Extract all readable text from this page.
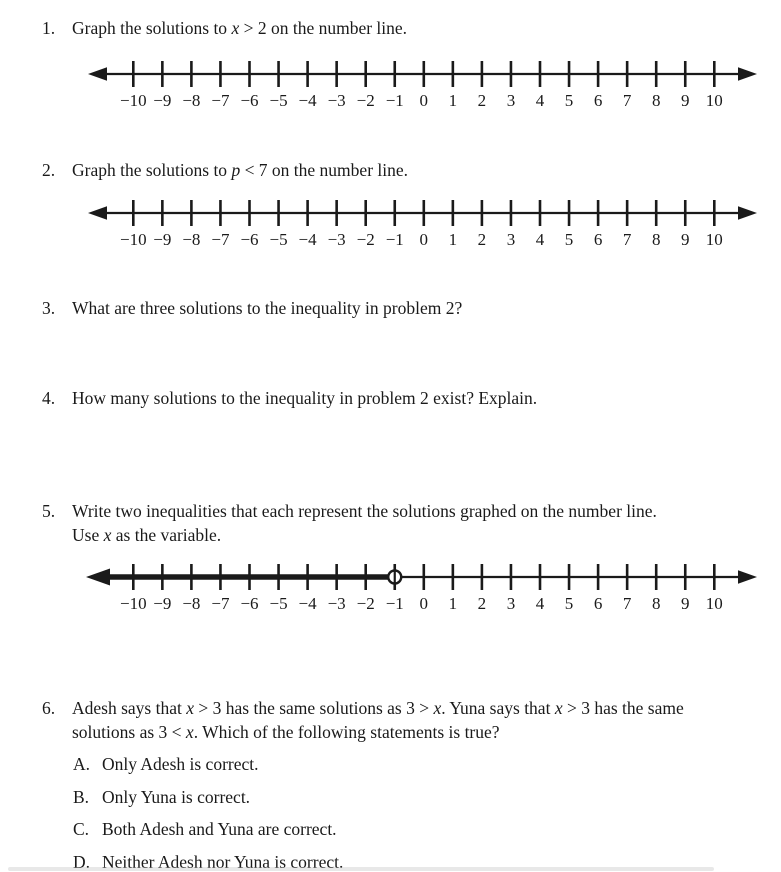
1. Graph the solutions to x > 2 on the number line.
−10 −9 −8 −7 −6 −5 −4 −3 −2 −1 0 1 2 3 4 5 6 7 8 9 10
2. Graph the solutions to p < 7 on the number line.
−10 −9 −8 −7 −6 −5 −4 −3 −2 −1 0 1 2 3 4 5 6 7 8 9 10
3. What are three solutions to the inequality in problem 2?
4. How many solutions to the inequality in problem 2 exist? Explain.
5. Write two inequalities that each represent the solutions graphed on the number line.
Use x as the variable.
−10 −9 −8 −7 −6 −5 −4 −3 −2 −1 0 1 2 3 4 5 6 7 8 9 10
6. Adesh says that x > 3 has the same solutions as 3 > x. Yuna says that x > 3 has the same
solutions as 3 < x. Which of the following statements is true?
A. Only Adesh is correct.
B. Only Yuna is correct.
C. Both Adesh and Yuna are correct.
D. Neither Adesh nor Yuna is correct.
